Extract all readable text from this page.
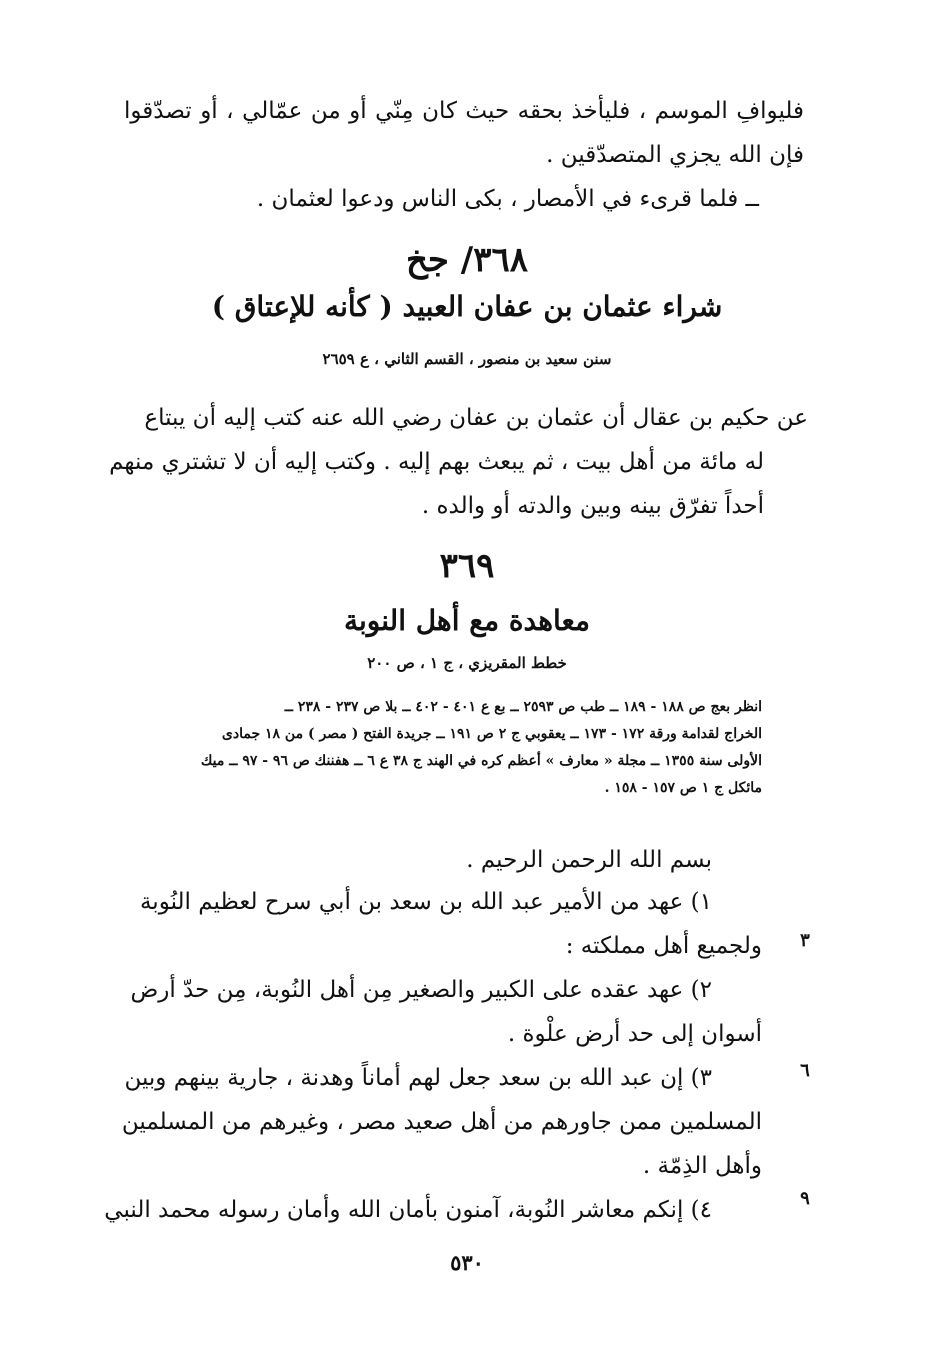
فليوافِ الموسم ، فليأخذ بحقه حيث كان مِنّي أو من عمّالي ، أو تصدّقوا
فإن الله يجزي المتصدّقين .
ــ فلما قرىء في الأمصار ، بكى الناس ودعوا لعثمان .
٣٦٨/ جخ
شراء عثمان بن عفان العبيد ( كأنه للإعتاق )
سنن سعيد بن منصور ، القسم الثاني ، ع ٢٦٥٩
عن حكيم بن عقال أن عثمان بن عفان رضي الله عنه كتب إليه أن يبتاع
له مائة من أهل بيت ، ثم يبعث بهم إليه . وكتب إليه أن لا تشتري منهم
أحداً تفرّق بينه وبين والدته أو والده .
٣٦٩
معاهدة مع أهل النوبة
خطط المقريزي ، ج ١ ، ص ٢٠٠
انظر بعج ص ١٨٨ - ١٨٩ ــ طب ص ٢٥٩٣ ــ بع ع ٤٠١ - ٤٠٢ ــ بلا ص ٢٣٧ - ٢٣٨ ــ
الخراج لقدامة ورقة ١٧٢ - ١٧٣ ــ يعقوبي ج ٢ ص ١٩١ ــ جريدة الفتح ( مصر ) من ١٨ جمادى
الأولى سنة ١٣٥٥ ــ مجلة « معارف » أعظم كره في الهند ج ٣٨ ع ٦ ــ هفننك ص ٩٦ - ٩٧ ــ ميك
مائكل ج ١ ص ١٥٧ - ١٥٨ .
بسم الله الرحمن الرحيم .
١) عهد من الأمير عبد الله بن سعد بن أبي سرح لعظيم النُوبة
ولجميع أهل مملكته :
٢) عهد عقده على الكبير والصغير مِن أهل النُوبة، مِن حدّ أرض
أسوان إلى حد أرض علْوة .
٣) إن عبد الله بن سعد جعل لهم أماناً وهدنة ، جارية بينهم وبين
المسلمين ممن جاورهم من أهل صعيد مصر ، وغيرهم من المسلمين
وأهل الذِمّة .
٤) إنكم معاشر النُوبة، آمنون بأمان الله وأمان رسوله محمد النبي
٣
٦
٩
٥٣٠
